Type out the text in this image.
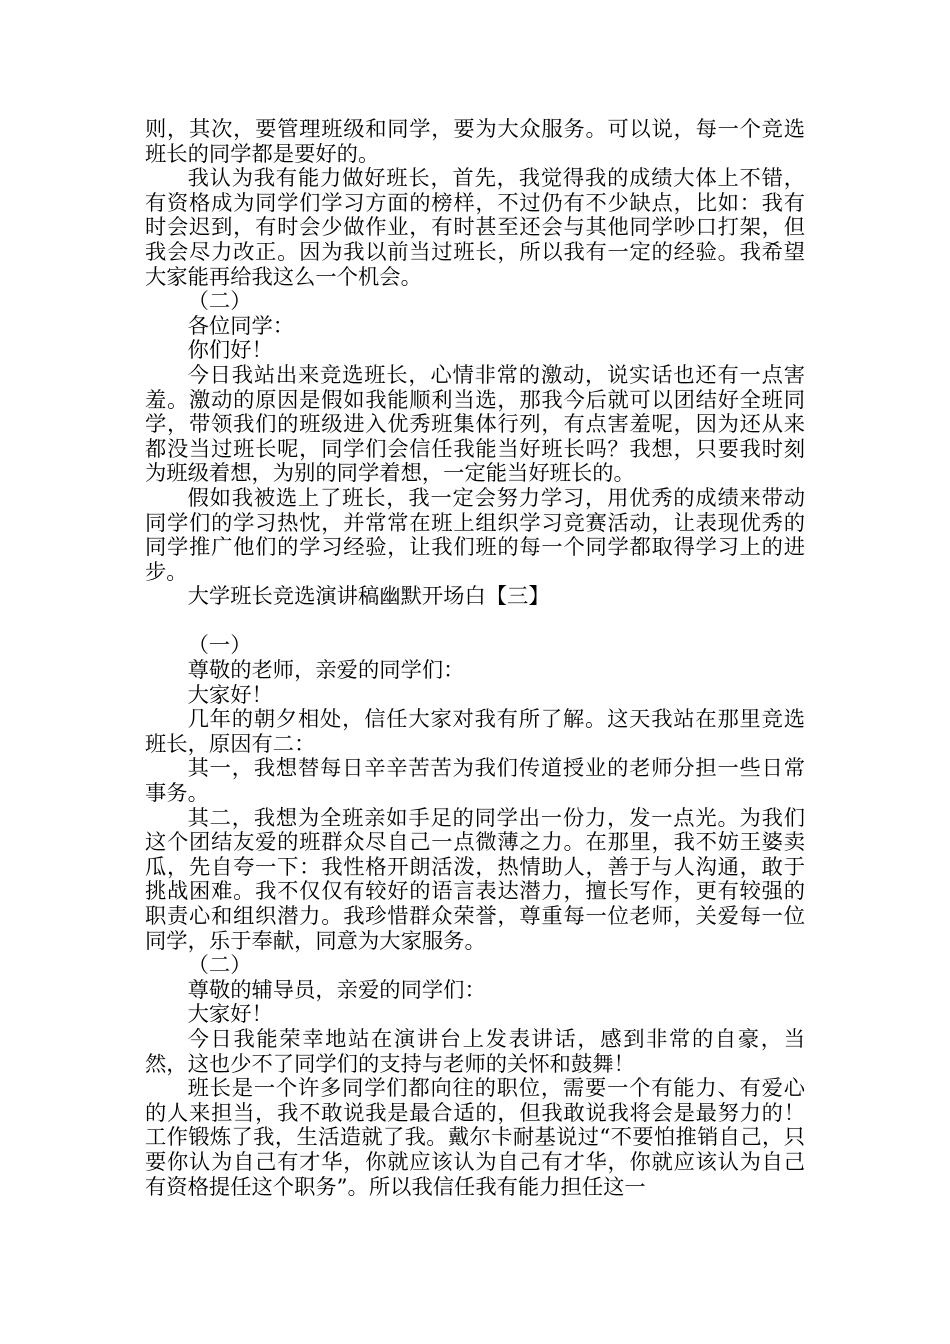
则，其次，要管理班级和同学，要为大众服务。可以说，每一个竞选班长的同学都是要好的。

我认为我有能力做好班长，首先，我觉得我的成绩大体上不错，有资格成为同学们学习方面的榜样，不过仍有不少缺点，比如：我有时会迟到，有时会少做作业，有时甚至还会与其他同学吵口打架，但我会尽力改正。因为我以前当过班长，所以我有一定的经验。我希望大家能再给我这么一个机会。

（二）

各位同学：

你们好！

今日我站出来竞选班长，心情非常的激动，说实话也还有一点害羞。激动的原因是假如我能顺利当选，那我今后就可以团结好全班同学，带领我们的班级进入优秀班集体行列，有点害羞呢，因为还从来都没当过班长呢，同学们会信任我能当好班长吗？我想，只要我时刻为班级着想，为别的同学着想，一定能当好班长的。

假如我被选上了班长，我一定会努力学习，用优秀的成绩来带动同学们的学习热忱，并常常在班上组织学习竞赛活动，让表现优秀的同学推广他们的学习经验，让我们班的每一个同学都取得学习上的进步。

大学班长竞选演讲稿幽默开场白【三】

（一）

尊敬的老师，亲爱的同学们：

大家好！

几年的朝夕相处，信任大家对我有所了解。这天我站在那里竞选班长，原因有二：

其一，我想替每日辛辛苦苦为我们传道授业的老师分担一些日常事务。

其二，我想为全班亲如手足的同学出一份力，发一点光。为我们这个团结友爱的班群众尽自己一点微薄之力。在那里，我不妨王婆卖瓜，先自夸一下：我性格开朗活泼，热情助人，善于与人沟通，敢于挑战困难。我不仅仅有较好的语言表达潜力，擅长写作，更有较强的职责心和组织潜力。我珍惜群众荣誉，尊重每一位老师，关爱每一位同学，乐于奉献，同意为大家服务。

（二）

尊敬的辅导员，亲爱的同学们：

大家好！

今日我能荣幸地站在演讲台上发表讲话，感到非常的自豪，当然，这也少不了同学们的支持与老师的关怀和鼓舞！

班长是一个许多同学们都向往的职位，需要一个有能力、有爱心的人来担当，我不敢说我是最合适的，但我敢说我将会是最努力的！工作锻炼了我，生活造就了我。戴尔卡耐基说过“不要怕推销自己，只要你认为自己有才华，你就应该认为自己有才华，你就应该认为自己有资格提任这个职务”。所以我信任我有能力担任这一
